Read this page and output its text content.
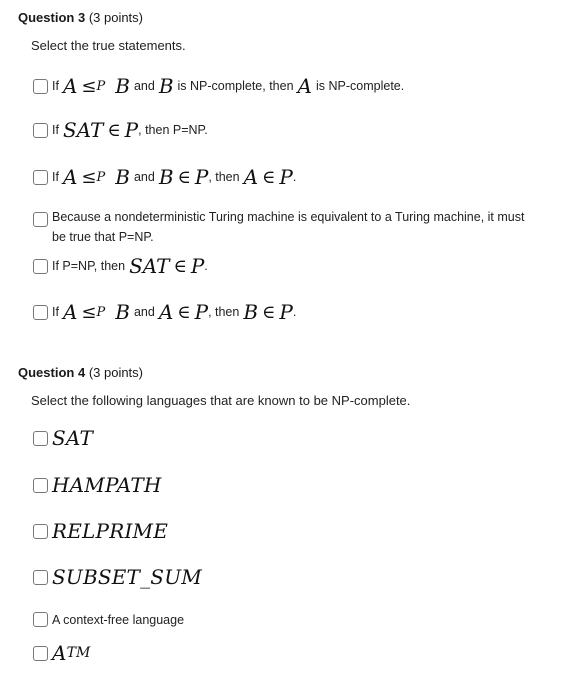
Question 3 (3 points)
Select the true statements.
If A ≤ P B and B is NP-complete, then A is NP-complete.
If SAT ∈ P , then P=NP.
If A ≤ P B and B ∈ P , then A ∈ P .
Because a nondeterministic Turing machine is equivalent to a Turing machine, it must be true that P=NP.
If P=NP, then SAT ∈ P .
If A ≤ P B and A ∈ P , then B ∈ P .
Question 4 (3 points)
Select the following languages that are known to be NP-complete.
SAT
HAMPATH
RELPRIME
SUBSET_SUM
A context-free language
A TM
